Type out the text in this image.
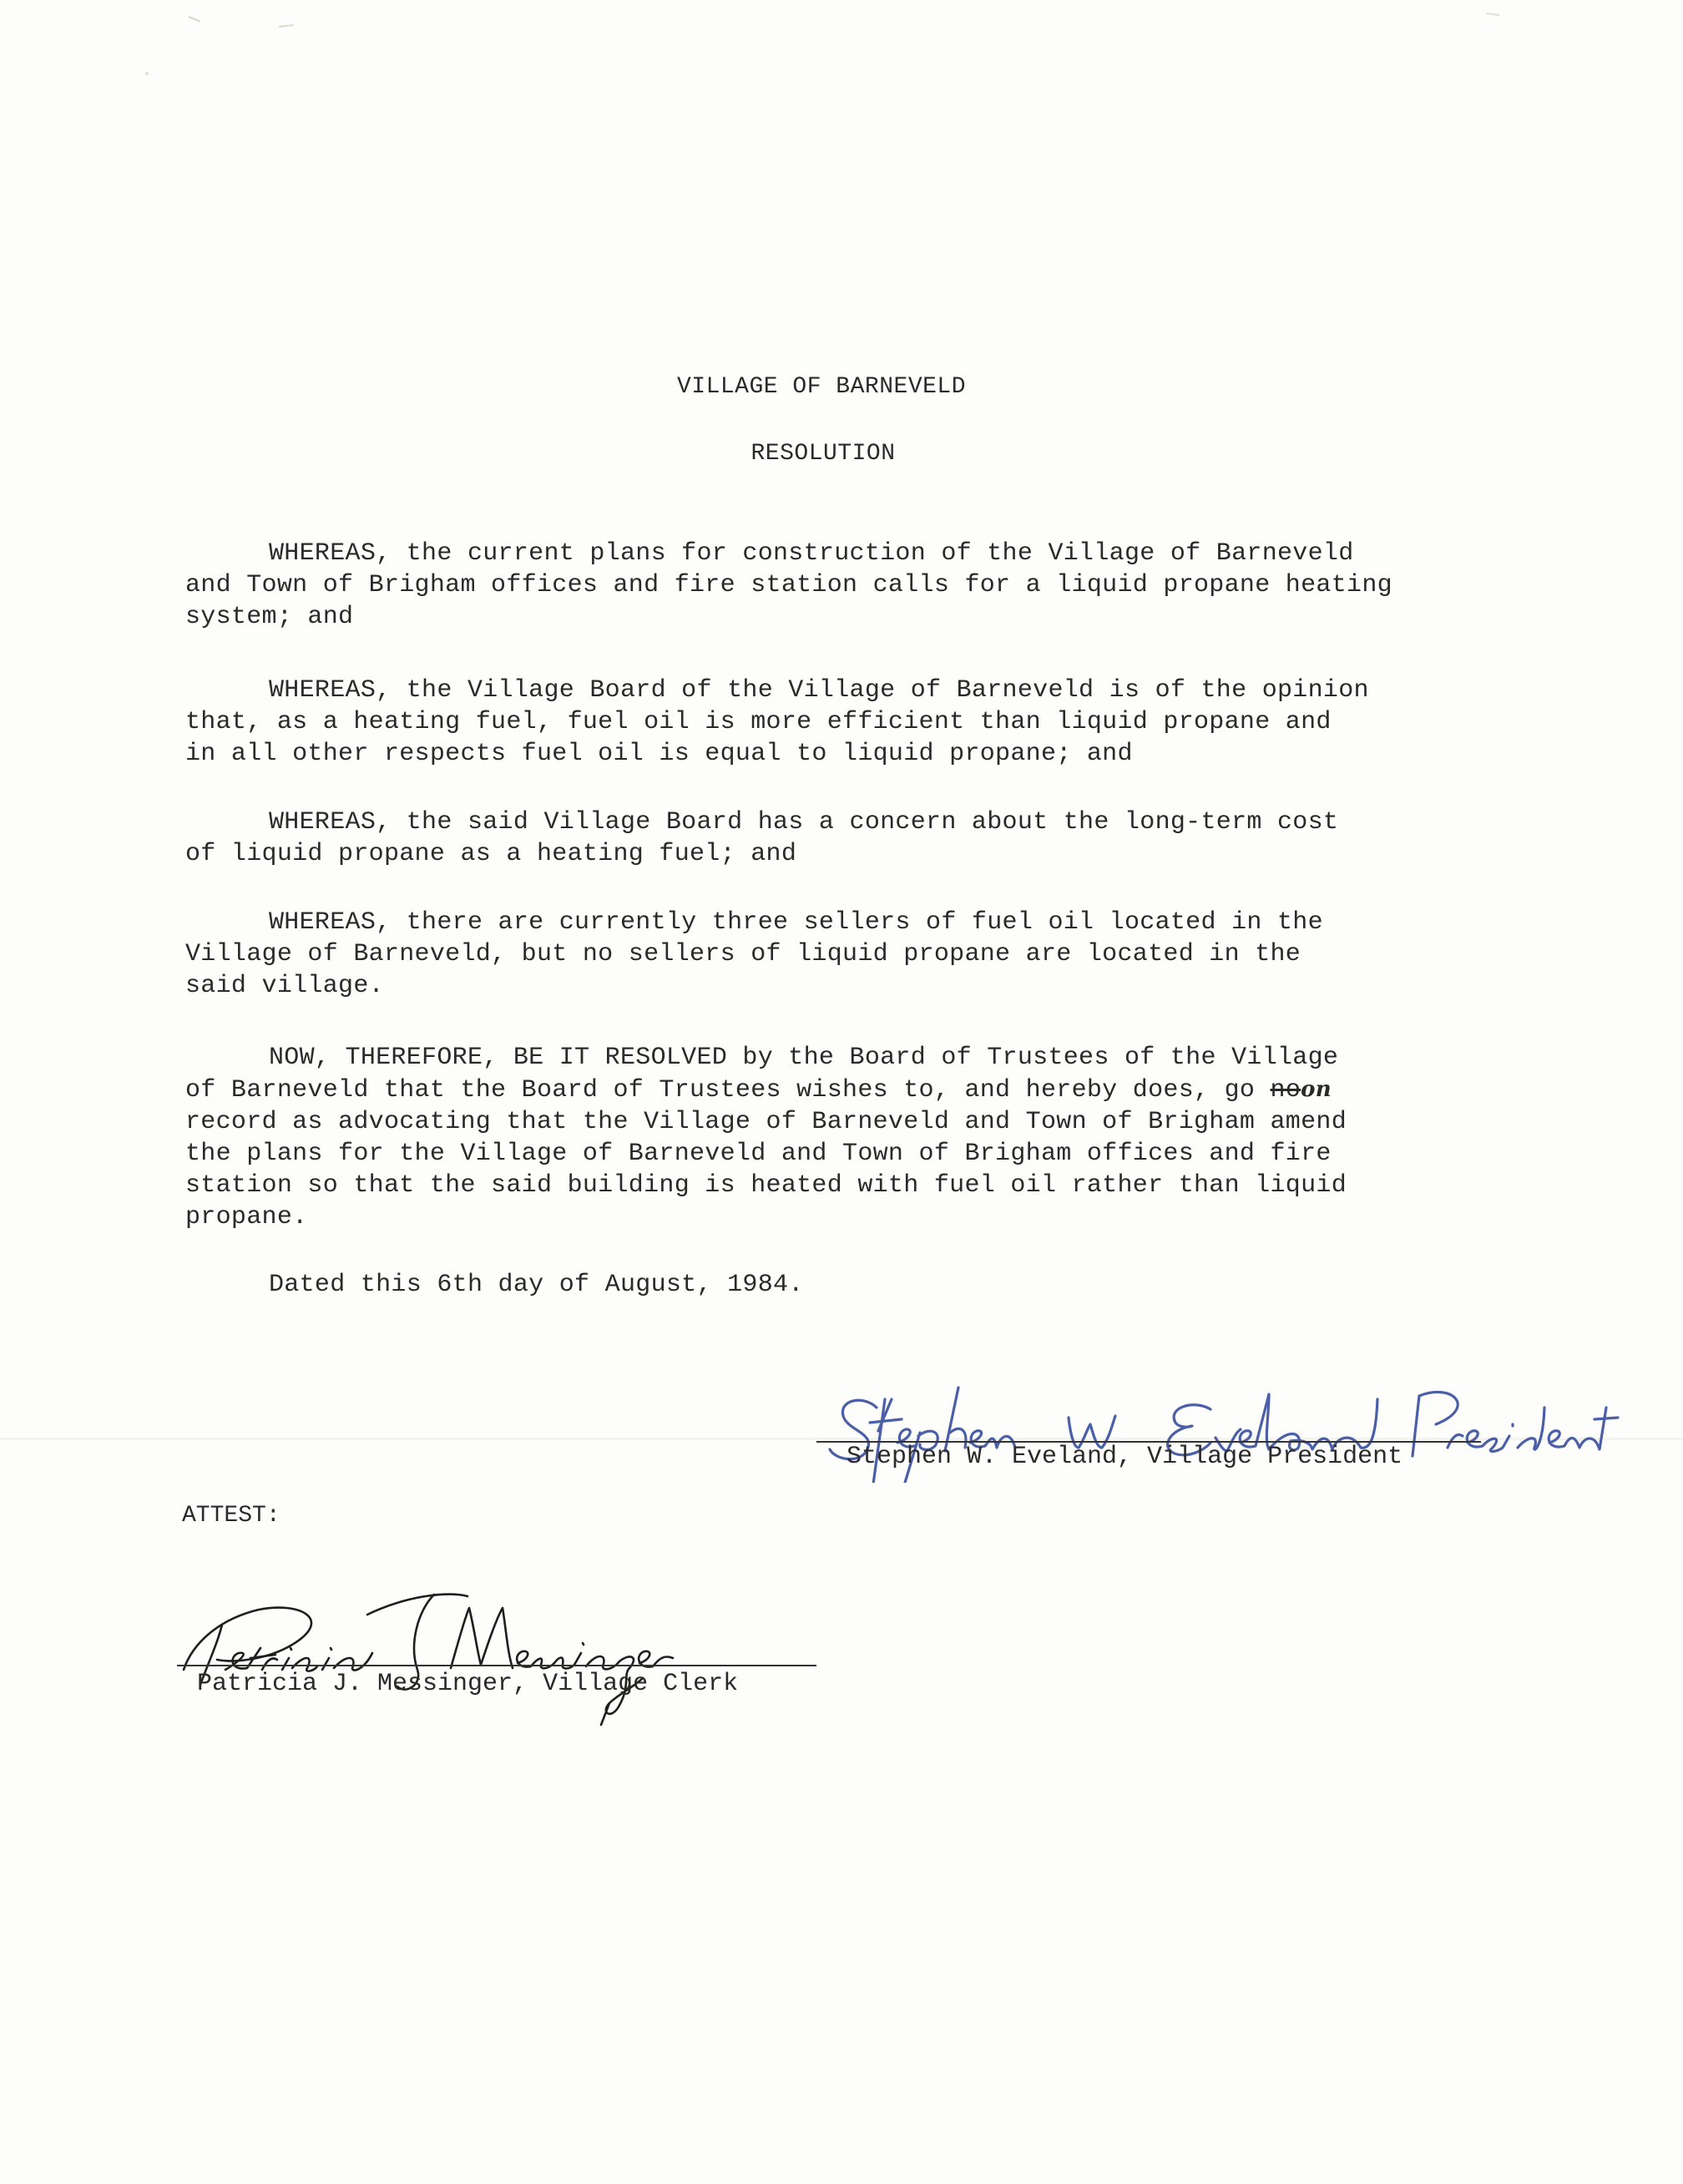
VILLAGE OF BARNEVELD
RESOLUTION
WHEREAS, the current plans for construction of the Village of Barneveld
and Town of Brigham offices and fire station calls for a liquid propane heating
system; and
WHEREAS, the Village Board of the Village of Barneveld is of the opinion
that, as a heating fuel, fuel oil is more efficient than liquid propane and
in all other respects fuel oil is equal to liquid propane; and
WHEREAS, the said Village Board has a concern about the long-term cost
of liquid propane as a heating fuel; and
WHEREAS, there are currently three sellers of fuel oil located in the
Village of Barneveld, but no sellers of liquid propane are located in the
said village.
NOW, THEREFORE, BE IT RESOLVED by the Board of Trustees of the Village
of Barneveld that the Board of Trustees wishes to, and hereby does, go noon
record as advocating that the Village of Barneveld and Town of Brigham amend
the plans for the Village of Barneveld and Town of Brigham offices and fire
station so that the said building is heated with fuel oil rather than liquid
propane.
Dated this 6th day of August, 1984.
Stephen W. Eveland, Village President
ATTEST:
Patricia J. Messinger, Village Clerk
